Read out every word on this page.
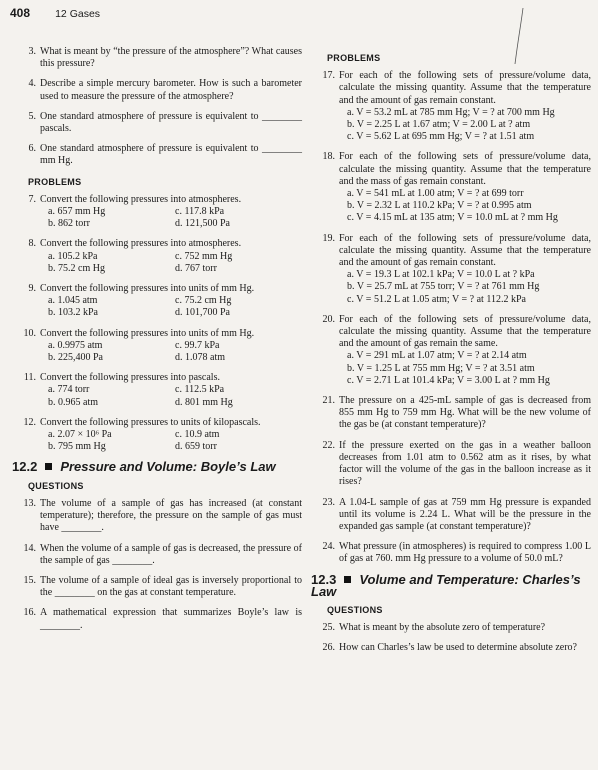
408 12 Gases
3. What is meant by “the pressure of the atmosphere”? What causes this pressure?
4. Describe a simple mercury barometer. How is such a barometer used to measure the pressure of the atmosphere?
5. One standard atmosphere of pressure is equivalent to ________ pascals.
6. One standard atmosphere of pressure is equivalent to ________ mm Hg.
PROBLEMS
7. Convert the following pressures into atmospheres.
a. 657 mm Hg	c. 117.8 kPa
b. 862 torr	d. 121,500 Pa
8. Convert the following pressures into atmospheres.
a. 105.2 kPa	c. 752 mm Hg
b. 75.2 cm Hg	d. 767 torr
9. Convert the following pressures into units of mm Hg.
a. 1.045 atm	c. 75.2 cm Hg
b. 103.2 kPa	d. 101,700 Pa
10. Convert the following pressures into units of mm Hg.
a. 0.9975 atm	c. 99.7 kPa
b. 225,400 Pa	d. 1.078 atm
11. Convert the following pressures into pascals.
a. 774 torr	c. 112.5 kPa
b. 0.965 atm	d. 801 mm Hg
12. Convert the following pressures to units of kilopascals.
a. 2.07 × 10⁶ Pa	c. 10.9 atm
b. 795 mm Hg	d. 659 torr
12.2 Pressure and Volume: Boyle’s Law
QUESTIONS
13. The volume of a sample of gas has increased (at constant temperature); therefore, the pressure on the sample of gas must have ________.
14. When the volume of a sample of gas is decreased, the pressure of the sample of gas ________.
15. The volume of a sample of ideal gas is inversely proportional to the ________ on the gas at constant temperature.
16. A mathematical expression that summarizes Boyle’s law is ________.
PROBLEMS
17. For each of the following sets of pressure/volume data, calculate the missing quantity. Assume that the temperature and the amount of gas remain constant.
a. V = 53.2 mL at 785 mm Hg; V = ? at 700 mm Hg
b. V = 2.25 L at 1.67 atm; V = 2.00 L at ? atm
c. V = 5.62 L at 695 mm Hg; V = ? at 1.51 atm
18. For each of the following sets of pressure/volume data, calculate the missing quantity. Assume that the temperature and the mass of gas remain constant.
a. V = 541 mL at 1.00 atm; V = ? at 699 torr
b. V = 2.32 L at 110.2 kPa; V = ? at 0.995 atm
c. V = 4.15 mL at 135 atm; V = 10.0 mL at ? mm Hg
19. For each of the following sets of pressure/volume data, calculate the missing quantity. Assume that the temperature and the amount of gas remain constant.
a. V = 19.3 L at 102.1 kPa; V = 10.0 L at ? kPa
b. V = 25.7 mL at 755 torr; V = ? at 761 mm Hg
c. V = 51.2 L at 1.05 atm; V = ? at 112.2 kPa
20. For each of the following sets of pressure/volume data, calculate the missing quantity. Assume that the temperature and the amount of gas remain the same.
a. V = 291 mL at 1.07 atm; V = ? at 2.14 atm
b. V = 1.25 L at 755 mm Hg; V = ? at 3.51 atm
c. V = 2.71 L at 101.4 kPa; V = 3.00 L at ? mm Hg
21. The pressure on a 425-mL sample of gas is decreased from 855 mm Hg to 759 mm Hg. What will be the new volume of the gas be (at constant temperature)?
22. If the pressure exerted on the gas in a weather balloon decreases from 1.01 atm to 0.562 atm as it rises, by what factor will the volume of the gas in the balloon increase as it rises?
23. A 1.04-L sample of gas at 759 mm Hg pressure is expanded until its volume is 2.24 L. What will be the pressure in the expanded gas sample (at constant temperature)?
24. What pressure (in atmospheres) is required to compress 1.00 L of gas at 760. mm Hg pressure to a volume of 50.0 mL?
12.3 Volume and Temperature: Charles’s Law
QUESTIONS
25. What is meant by the absolute zero of temperature?
26. How can Charles’s law be used to determine absolute zero?
